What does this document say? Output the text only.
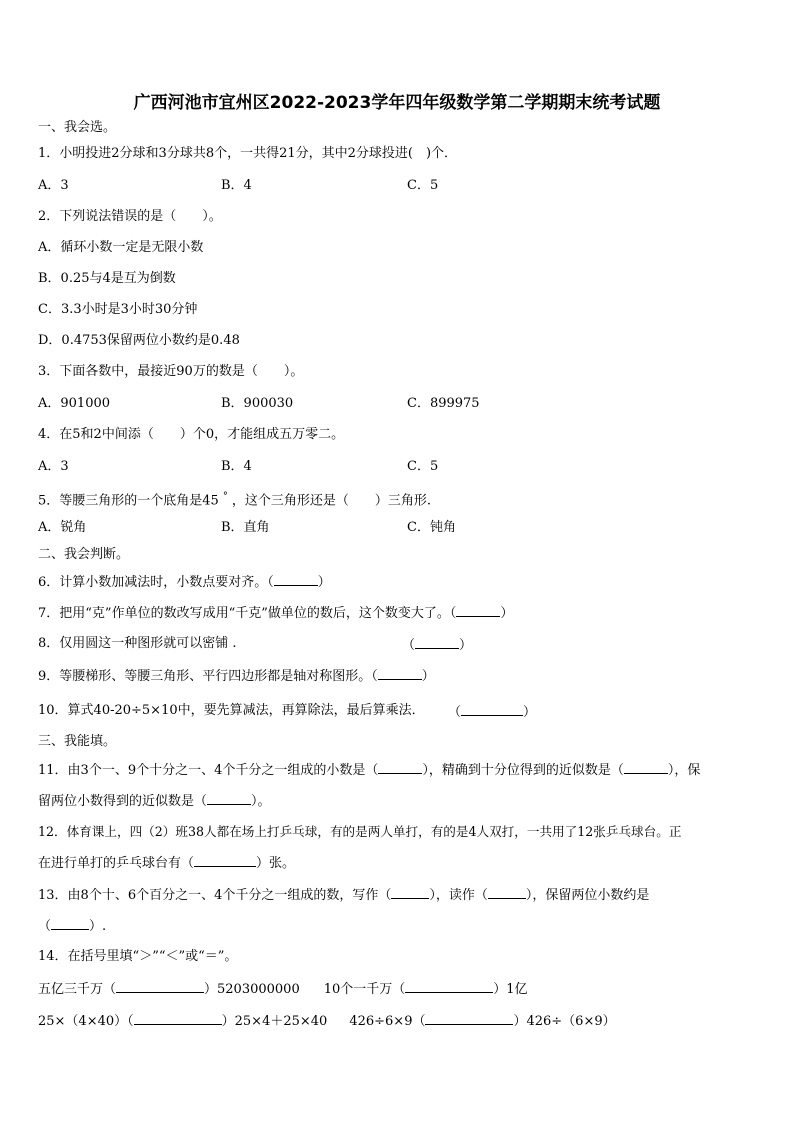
广西河池市宜州区2022-2023学年四年级数学第二学期期末统考试题
一、我会选。
1．小明投进2分球和3分球共8个，一共得21分，其中2分球投进(　)个．
A．3	B．4	C．5
2．下列说法错误的是（　　）。
A．循环小数一定是无限小数
B．0.25与4是互为倒数
C．3.3小时是3小时30分钟
D．0.4753保留两位小数约是0.48
3．下面各数中，最接近90万的数是（　　）。
A．901000	B．900030	C．899975
4．在5和2中间添（　　）个0，才能组成五万零二。
A．3	B．4	C．5
5．等腰三角形的一个底角是45 ° ，这个三角形还是（　　）三角形.
A．锐角	B．直角	C．钝角
二、我会判断。
6．计算小数加减法时，小数点要对齐。（	）
7．把用“克”作单位的数改写成用“千克”做单位的数后，这个数变大了。（	）
8．仅用圆这一种图形就可以密铺 .	（	）
9．等腰梯形、等腰三角形、平行四边形都是轴对称图形。（	）
10．算式40-20÷5×10中，要先算减法，再算除法，最后算乘法． （	）
三、我能填。
11．由3个一、9个十分之一、4个千分之一组成的小数是（	），精确到十分位得到的近似数是（	），保
留两位小数得到的近似数是（	）。
12．体育课上，四（2）班38人都在场上打乒乓球，有的是两人单打，有的是4人双打，一共用了12张乒乓球台。正
在进行单打的乒乓球台有（	）张。
13．由8个十、6个百分之一、4个千分之一组成的数，写作（	），读作（	），保留两位小数约是
（	）.
14．在括号里填“＞”“＜”或“＝”。
五亿三千万（	）5203000000 10个一千万（	）1亿
25×（4×40）（	）25×4＋25×40 426÷6×9（	）426÷（6×9）
